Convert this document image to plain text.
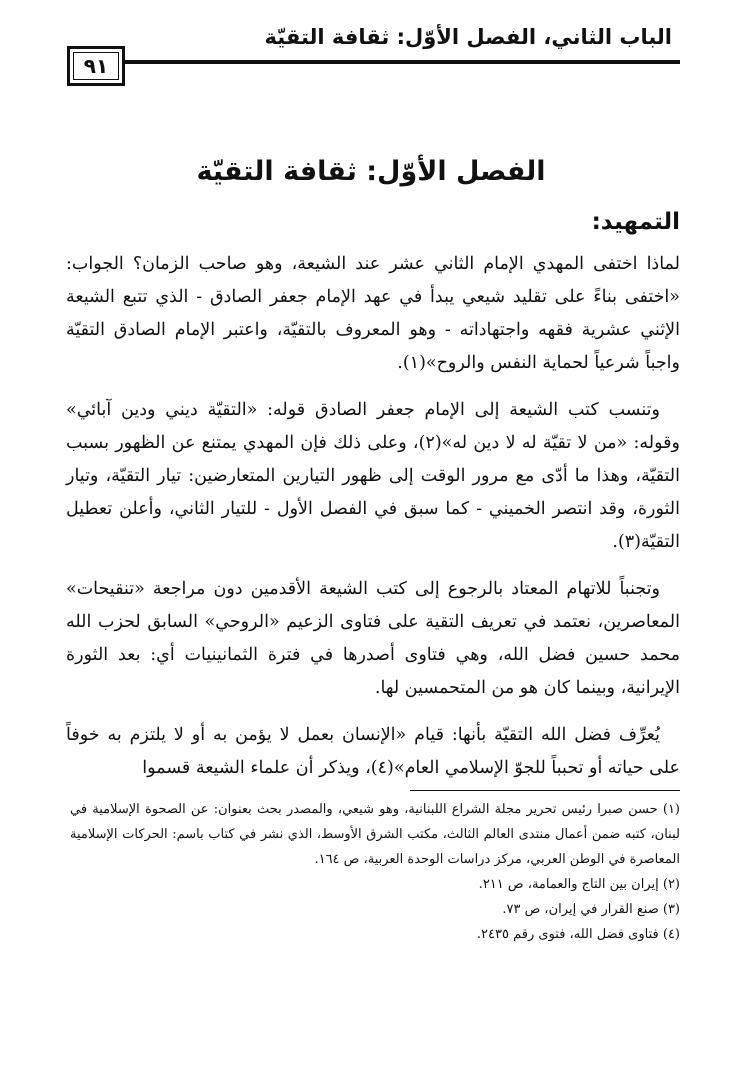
الباب الثاني، الفصل الأوّل: ثقافة التقيّة
٩١
الفصل الأوّل: ثقافة التقيّة
التمهيد:

لماذا اختفى المهدي الإمام الثاني عشر عند الشيعة، وهو صاحب الزمان؟ الجواب: «اختفى بناءً على تقليد شيعي يبدأ في عهد الإمام جعفر الصادق - الذي تتبع الشيعة الإثني عشرية فقهه واجتهاداته - وهو المعروف بالتقيّة، واعتبر الإمام الصادق التقيّة واجباً شرعياً لحماية النفس والروح»(١).

وتنسب كتب الشيعة إلى الإمام جعفر الصادق قوله: «التقيّة ديني ودين آبائي» وقوله: «من لا تقيّة له لا دين له»(٢)، وعلى ذلك فإن المهدي يمتنع عن الظهور بسبب التقيّة، وهذا ما أدّى مع مرور الوقت إلى ظهور التيارين المتعارضين: تيار التقيّة، وتيار الثورة، وقد انتصر الخميني - كما سبق في الفصل الأول - للتيار الثاني، وأعلن تعطيل التقيّة(٣).

وتجنباً للاتهام المعتاد بالرجوع إلى كتب الشيعة الأقدمين دون مراجعة «تنقيحات» المعاصرين، نعتمد في تعريف التقية على فتاوى الزعيم «الروحي» السابق لحزب الله محمد حسين فضل الله، وهي فتاوى أصدرها في فترة الثمانينيات أي: بعد الثورة الإيرانية، وبينما كان هو من المتحمسين لها.

يُعرِّف فضل الله التقيّة بأنها: قيام «الإنسان بعمل لا يؤمن به أو لا يلتزم به خوفاً على حياته أو تحبباً للجوّ الإسلامي العام»(٤)، ويذكر أن علماء الشيعة قسموا

(١) حسن صبرا رئيس تحرير مجلة الشراع اللبنانية، وهو شيعي، والمصدر بحث بعنوان: عن الصحوة الإسلامية في لبنان، كتبه ضمن أعمال منتدى العالم الثالث، مكتب الشرق الأوسط، الذي نشر في كتاب باسم: الحركات الإسلامية المعاصرة في الوطن العربي، مركز دراسات الوحدة العربية، ص ١٦٤.

(٢) إيران بين التاج والعمامة، ص ٢١١.

(٣) صنع القرار في إيران، ص ٧٣.

(٤) فتاوى فضل الله، فتوى رقم ٢٤٣٥.
